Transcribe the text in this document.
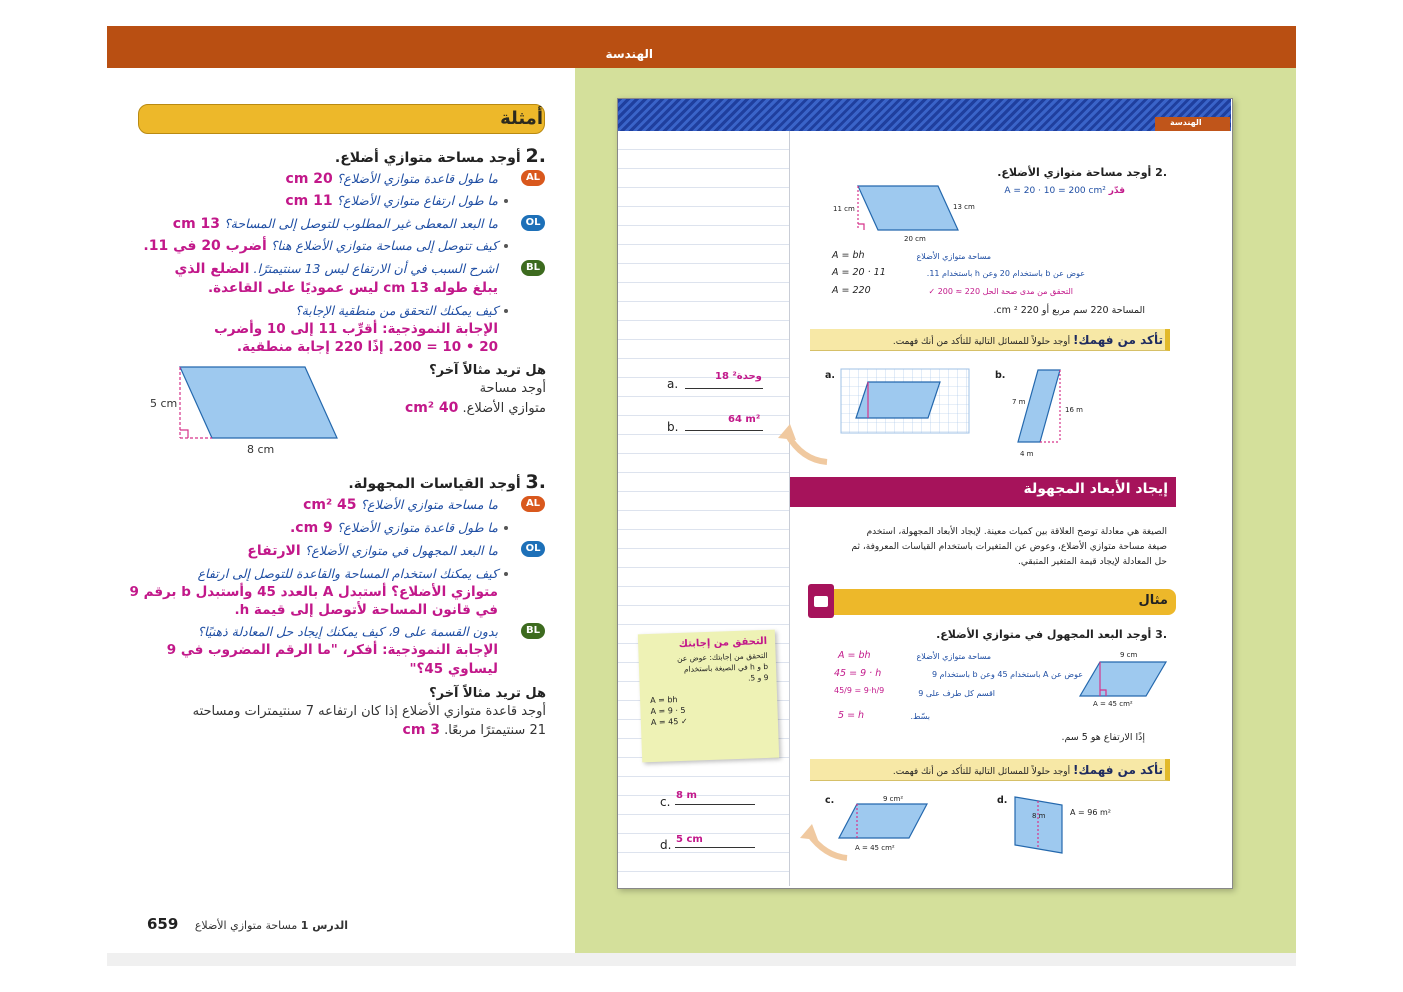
الهندسة
أمثلة
.2 أوجد مساحة متوازي أضلاع.
AL
ما طول قاعدة متوازي الأضلاع؟ 20 cm
ما طول ارتفاع متوازي الأضلاع؟ 11 cm
OL
ما البعد المعطى غير المطلوب للتوصل إلى المساحة؟ 13 cm
كيف تتوصل إلى مساحة متوازي الأضلاع هنا؟ أضرب 20 في 11.
BL
اشرح السبب في أن الارتفاع ليس 13 سنتيمترًا. الضلع الذي
يبلغ طوله 13 cm ليس عموديًا على القاعدة.
كيف يمكنك التحقق من منطقية الإجابة؟
الإجابة النموذجية: أقرِّب 11 إلى 10 وأضرب
20 • 10 = 200. إذًا 220 إجابة منطقية.
هل تريد مثالاً آخر؟
أوجد مساحة
متوازي الأضلاع. 40 cm²
5 cm
8 cm
.3 أوجد القياسات المجهولة.
AL
ما مساحة متوازي الأضلاع؟ 45 cm²
ما طول قاعدة متوازي الأضلاع؟ 9 cm.
OL
ما البعد المجهول في متوازي الأضلاع؟ الارتفاع
كيف يمكنك استخدام المساحة والقاعدة للتوصل إلى ارتفاع
متوازي الأضلاع؟ أستبدل A بالعدد 45 وأستبدل b برقم 9
في قانون المساحة لأتوصل إلى قيمة h.
BL
بدون القسمة على 9، كيف يمكنك إيجاد حل المعادلة ذهنيًا؟
الإجابة النموذجية: أفكر، "ما الرقم المضروب في 9
ليساوي 45؟"
هل تريد مثالاً آخر؟
أوجد قاعدة متوازي الأضلاع إذا كان ارتفاعه 7 سنتيمترات ومساحته
21 سنتيمترًا مربعًا. 3 cm
659	الدرس 1 مساحة متوازي الأضلاع
الهندسة
.2 أوجد مساحة متوازي الأضلاع.
قدّر A = 20 · 10 = 200 cm²
11 cm	13 cm
20 cm
A = bh	مساحة متوازي الأضلاع
A = 20 · 11	عوض عن b باستخدام 20 وعن h باستخدام 11.
A = 220	التحقق من مدى صحة الحل 220 ≈ 200 ✓
المساحة 220 سم مربع أو 220 cm ².
تأكد من فهمك! أوجد حلولاً للمسائل التالية للتأكد من أنك فهمت.
a.
18 وحدة²
b.
64 m²
c. 8 m
d. 5 cm
a.	b.
7 m
16 m
4 m
إيجاد الأبعاد المجهولة
الصيغة هي معادلة توضح العلاقة بين كميات معينة. لإيجاد الأبعاد المجهولة، استخدم
صيغة مساحة متوازي الأضلاع، وعوض عن المتغيرات باستخدام القياسات المعروفة، ثم
حل المعادلة لإيجاد قيمة المتغير المتبقي.
مثال
.3 أوجد البعد المجهول في متوازي الأضلاع.
9 cm
A = 45 cm²
A = bh	مساحة متوازي الأضلاع
45 = 9 · h	عوض عن A باستخدام 45 وعن b باستخدام 9
45/9 = 9·h/9	اقسم كل طرف على 9
5 = h	بسّط.
إذًا الارتفاع هو 5 سم.
التحقق من إجابتك
التحقق من إجابتك: عوض عن
b و h في الصيغة باستخدام
9 و 5.
A = bh
A = 9 · 5
A = 45 ✓
تأكد من فهمك! أوجد حلولاً للمسائل التالية للتأكد من أنك فهمت.
c.	9 cm²
A = 45 cm²
d.
8 m	A = 96 m²
